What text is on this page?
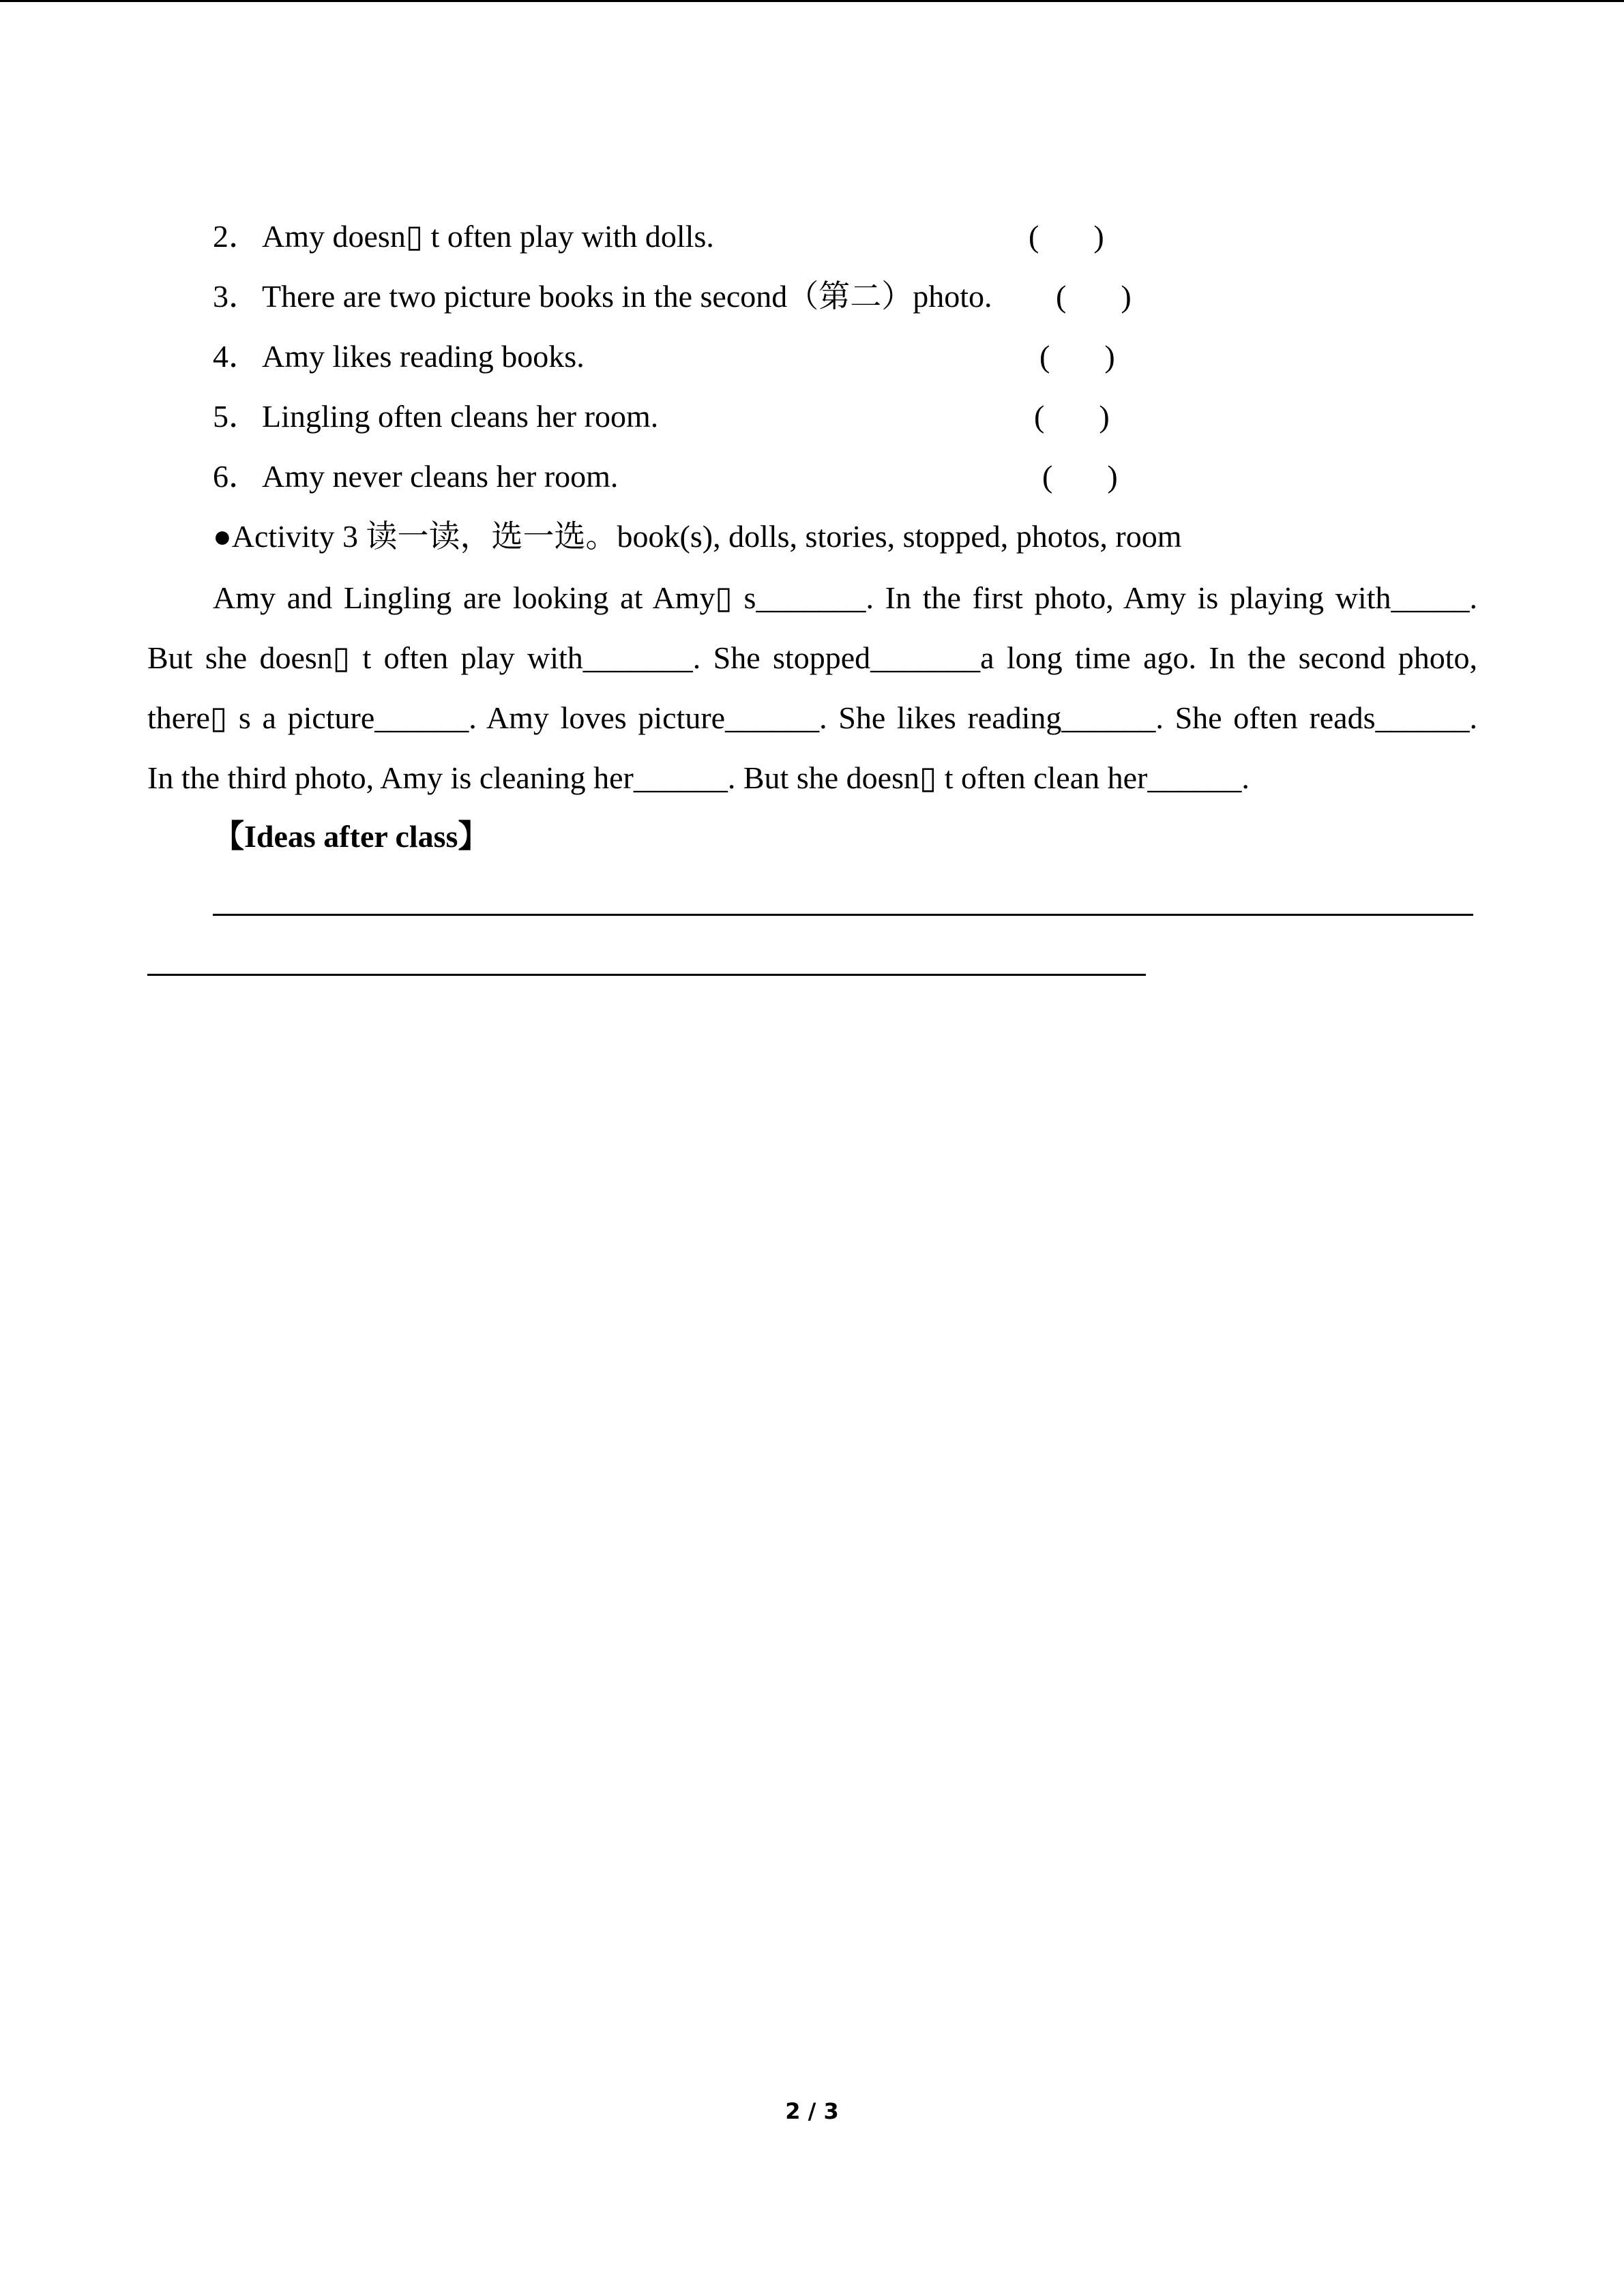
2．Amy doesn▯ t often play with dolls.	( )
3．There are two picture books in the second（第二）photo. ( )
4．Amy likes reading books.	( )
5．Lingling often cleans her room.	( )
6．Amy never cleans her room.	( )
●Activity 3 读一读，选一选。book(s), dolls, stories, stopped, photos, room
Amy and Lingling are looking at Amy▯ s_______. In the first photo, Amy is playing with_____.
But she doesn▯ t often play with_______. She stopped_______a long time ago. In the second photo,
there▯ s a picture______. Amy loves picture______. She likes reading______. She often reads______.
In the third photo, Amy is cleaning her______. But she doesn▯ t often clean her______.
【Ideas after class】
2 / 3
